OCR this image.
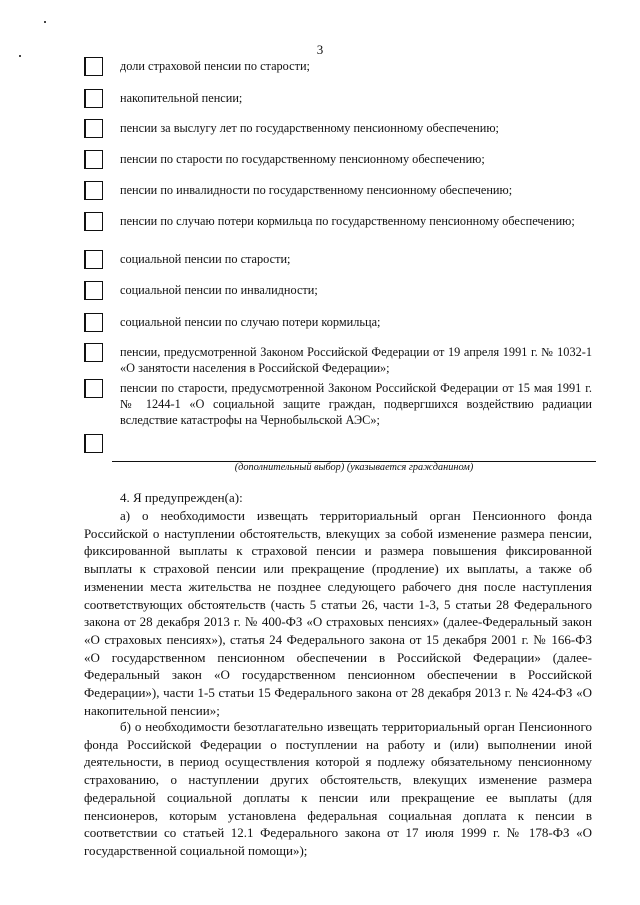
3
доли страховой пенсии по старости;
накопительной пенсии;
пенсии за выслугу лет по государственному пенсионному обеспечению;
пенсии по старости по государственному пенсионному обеспечению;
пенсии по инвалидности по государственному пенсионному обеспечению;
пенсии по случаю потери кормильца по государственному пенсионному обеспечению;
социальной пенсии по старости;
социальной пенсии по инвалидности;
социальной пенсии по случаю потери кормильца;
пенсии, предусмотренной Законом Российской Федерации от 19 апреля 1991 г. № 1032-1 «О занятости населения в Российской Федерации»;
пенсии по старости, предусмотренной Законом Российской Федерации от 15 мая 1991 г. № 1244-1 «О социальной защите граждан, подвергшихся воздействию радиации вследствие катастрофы на Чернобыльской АЭС»;
(дополнительный выбор) (указывается гражданином)
4. Я предупрежден(а):
а) о необходимости извещать территориальный орган Пенсионного фонда Российской о наступлении обстоятельств, влекущих за собой изменение размера пенсии, фиксированной выплаты к страховой пенсии и размера повышения фиксированной выплаты к страховой пенсии или прекращение (продление) их выплаты, а также об изменении места жительства не позднее следующего рабочего дня после наступления соответствующих обстоятельств (часть 5 статьи 26, части 1-3, 5 статьи 28 Федерального закона от 28 декабря 2013 г. № 400-ФЗ «О страховых пенсиях» (далее-Федеральный закон «О страховых пенсиях»), статья 24 Федерального закона от 15 декабря 2001 г. № 166-ФЗ «О государственном пенсионном обеспечении в Российской Федерации» (далее-Федеральный закон «О государственном пенсионном обеспечении в Российской Федерации»), части 1-5 статьи 15 Федерального закона от 28 декабря 2013 г. № 424-ФЗ «О накопительной пенсии»;
б) о необходимости безотлагательно извещать территориальный орган Пенсионного фонда Российской Федерации о поступлении на работу и (или) выполнении иной деятельности, в период осуществления которой я подлежу обязательному пенсионному страхованию, о наступлении других обстоятельств, влекущих изменение размера федеральной социальной доплаты к пенсии или прекращение ее выплаты (для пенсионеров, которым установлена федеральная социальная доплата к пенсии в соответствии со статьей 12.1 Федерального закона от 17 июля 1999 г. № 178-ФЗ «О государственной социальной помощи»);
